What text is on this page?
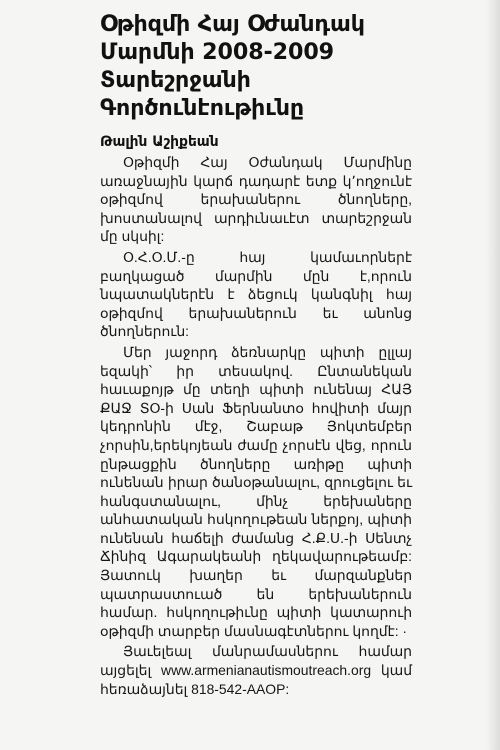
Օթիզմի Հայ Օժանդակ Մարմնի 2008-2009 Տարեշրջանի Գործունէութիւնը
Թալին Աշիքեան

Օթիզմի Հայ Օժանդակ Մարմինը առաջնային կարճ դադարէ ետք կ՚ողջունէ օթիզմով երախաներու ծնողները, խոստանալով արդիւնաւէտ տարեշրջան մը սկսիլ:

Օ.Հ.Օ.Մ.-ը հայ կամաւորներէ բաղկացած մարմին մըն է,որուն նպատակներէն է ձեցուկ կանգնիլ հայ օթիզմով երախաներուն եւ անոնց ծնողներուն:

Մեր յաջորդ ձեռնարկը պիտի ըլլայ եզակի՝ իր տեսակով. Ընտանեկան հաւաքոյթ մը տեղի պիտի ունենայ ՀԱՅ ՔԱՋ ՏՕ-ի Սան Ֆերնանտօ հովիտի մայր կեդրոնին մէջ, Շաբաթ Յոկտեմբեր չորսին,երեկոյեան ժամը չորսէն վեց, որուն ընթացքին ծնողները առիթը պիտի ունենան իրար ծանօթանալու, զրուցելու եւ հանգստանալու, մինչ երեխաները անհատական հսկողութեան ներքոյ, պիտի ունենան հաճելի ժամանց Հ.Ք.Ս.-ի Սենտչ Ճինիզ Ագարակեանի ղեկավարութեամբ: Յատուկ խաղեր եւ մարզանքներ պատրաստուած են երեխաներուն համար. հսկողութիւնը պիտի կատարուի օթիզմի տարբեր մասնագէտներու կողմէ: ·

Յաւելեալ մանրամասներու համար այցելել www.armenianautismoutreach.org կամ հեռաձայնել 818-542-AAOP:
